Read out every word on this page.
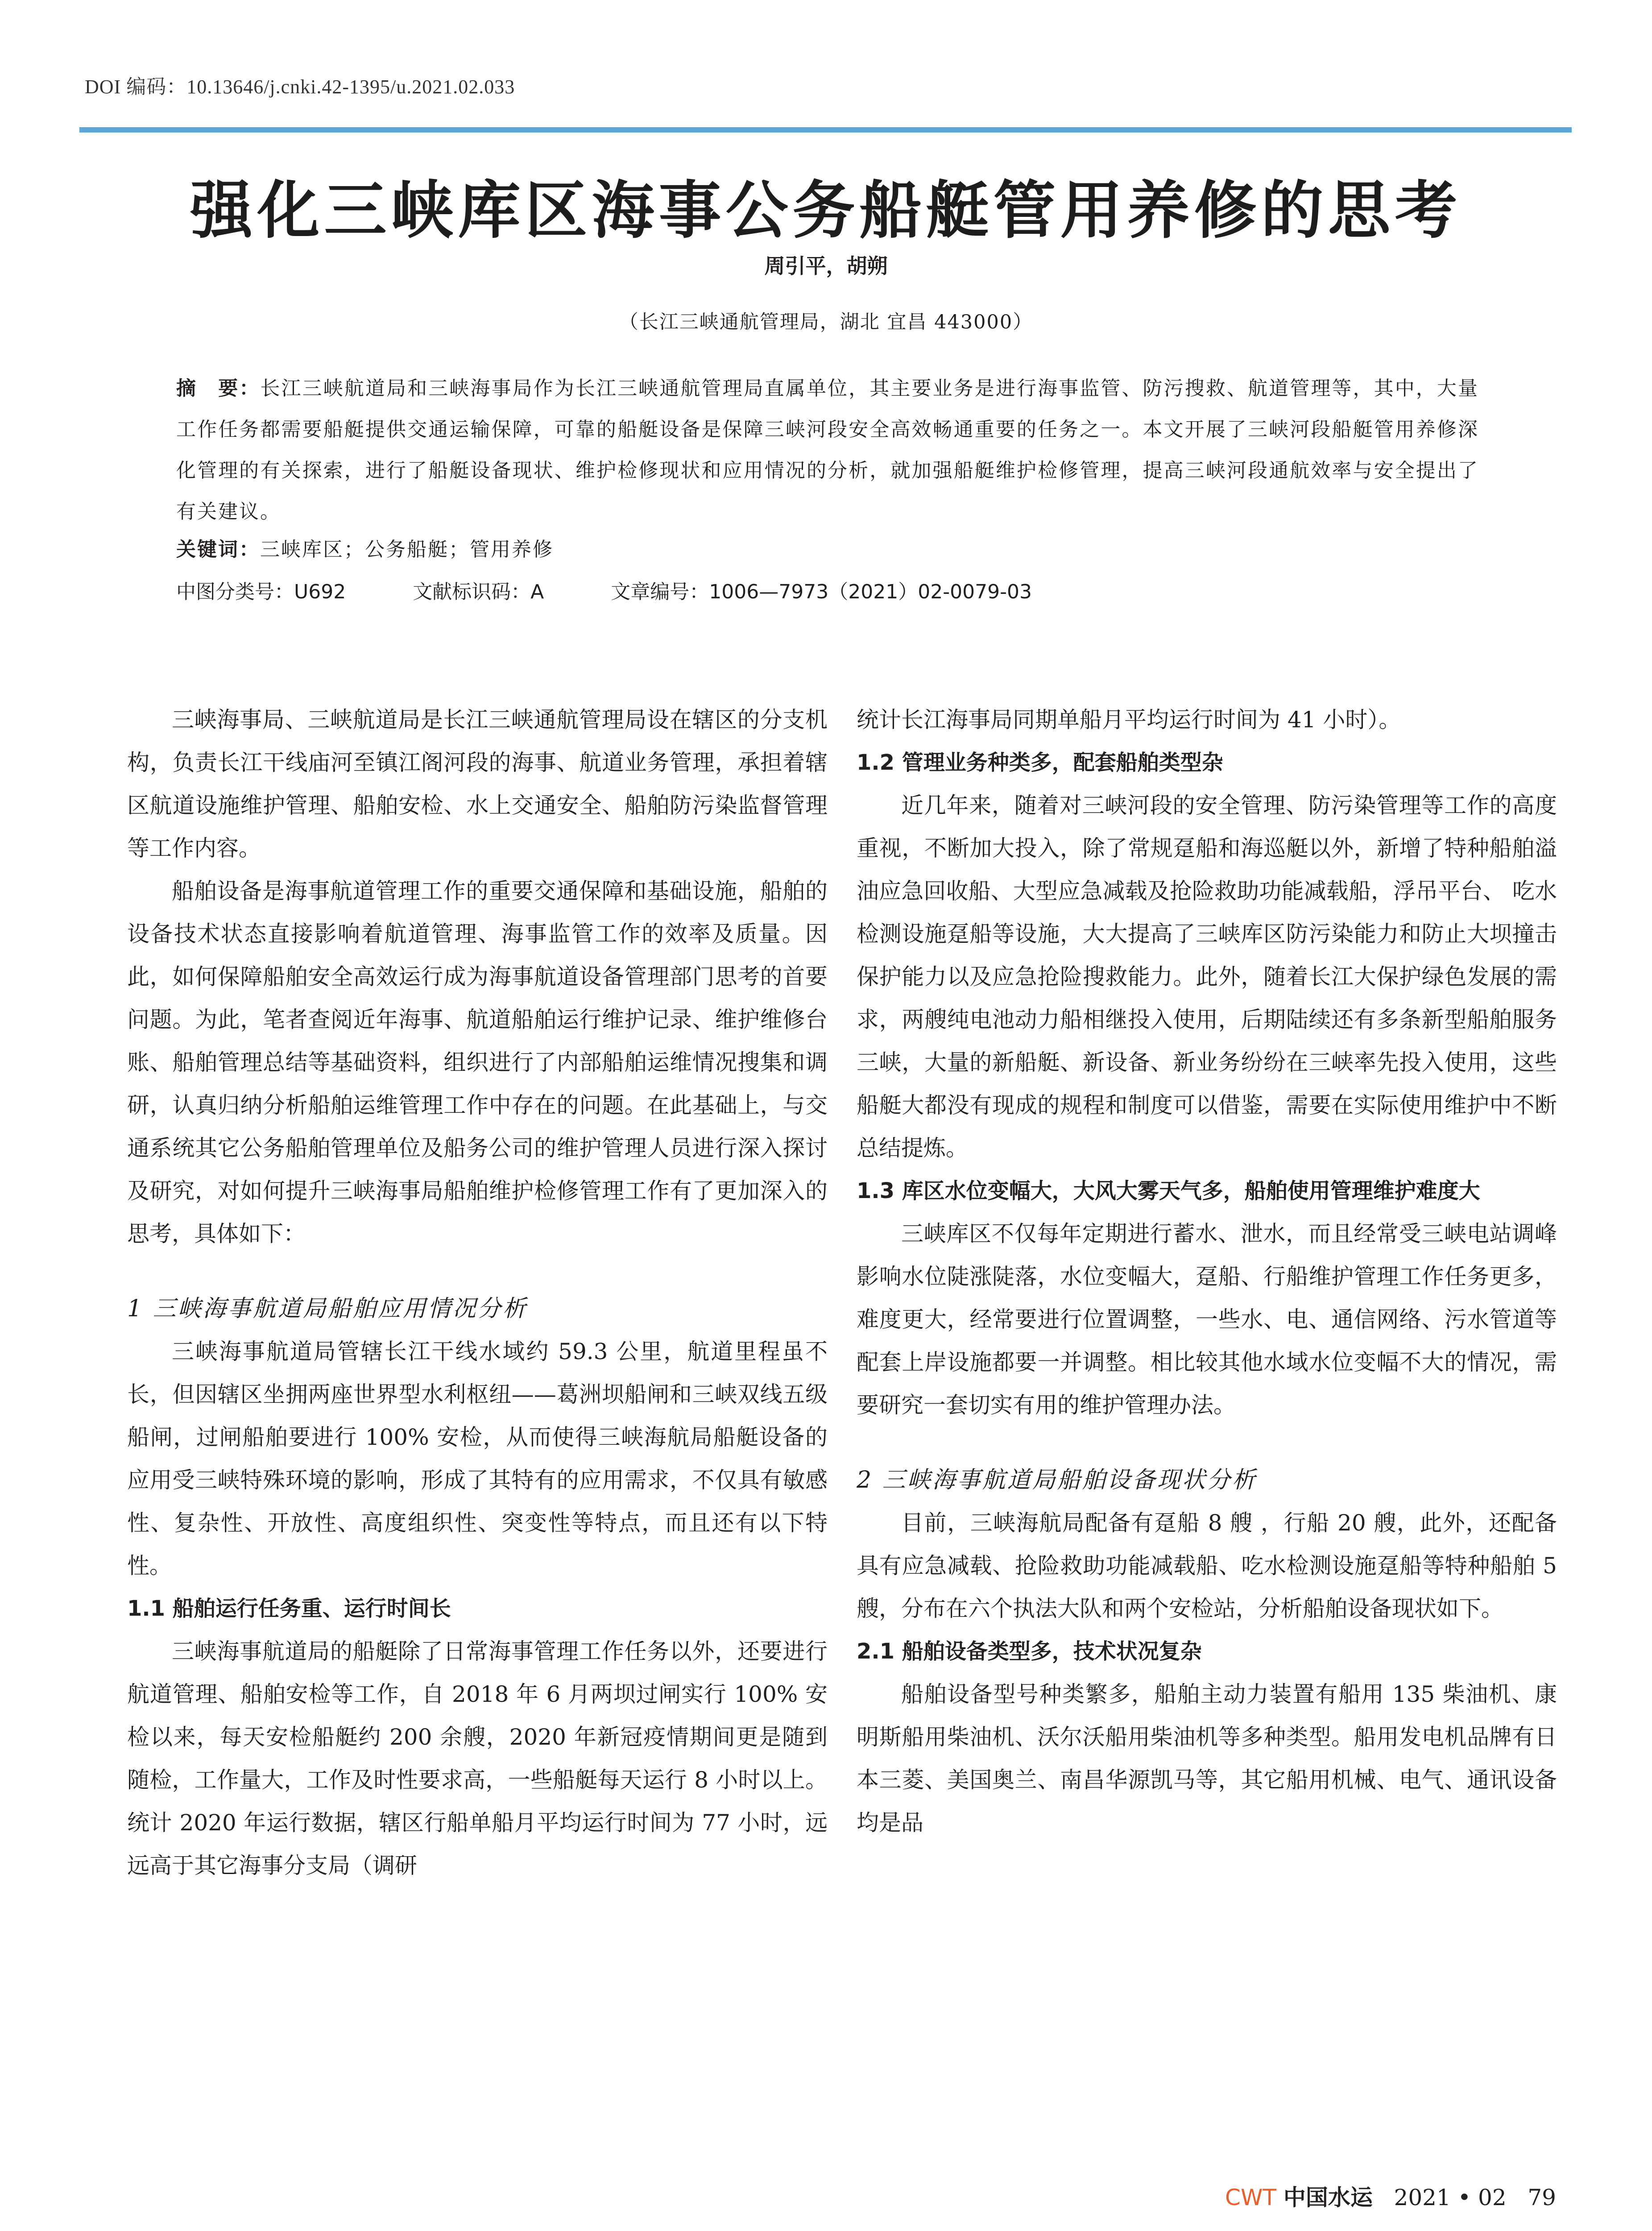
DOI 编码：10.13646/j.cnki.42-1395/u.2021.02.033
强化三峡库区海事公务船艇管用养修的思考
周引平，胡朔
（长江三峡通航管理局，湖北 宜昌 443000）
摘　要：长江三峡航道局和三峡海事局作为长江三峡通航管理局直属单位，其主要业务是进行海事监管、防污搜救、航道管理等，其中，大量工作任务都需要船艇提供交通运输保障，可靠的船艇设备是保障三峡河段安全高效畅通重要的任务之一。本文开展了三峡河段船艇管用养修深化管理的有关探索，进行了船艇设备现状、维护检修现状和应用情况的分析，就加强船艇维护检修管理，提高三峡河段通航效率与安全提出了有关建议。
关键词：三峡库区；公务船艇；管用养修
中图分类号：U692	文献标识码：A	文章编号：1006—7973（2021）02-0079-03

三峡海事局、三峡航道局是长江三峡通航管理局设在辖区的分支机构，负责长江干线庙河至镇江阁河段的海事、航道业务管理，承担着辖区航道设施维护管理、船舶安检、水上交通安全、船舶防污染监督管理等工作内容。

船舶设备是海事航道管理工作的重要交通保障和基础设施，船舶的设备技术状态直接影响着航道管理、海事监管工作的效率及质量。因此，如何保障船舶安全高效运行成为海事航道设备管理部门思考的首要问题。为此，笔者查阅近年海事、航道船舶运行维护记录、维护维修台账、船舶管理总结等基础资料，组织进行了内部船舶运维情况搜集和调研，认真归纳分析船舶运维管理工作中存在的问题。在此基础上，与交通系统其它公务船舶管理单位及船务公司的维护管理人员进行深入探讨及研究，对如何提升三峡海事局船舶维护检修管理工作有了更加深入的思考，具体如下：

1 三峡海事航道局船舶应用情况分析

三峡海事航道局管辖长江干线水域约 59.3 公里，航道里程虽不长，但因辖区坐拥两座世界型水利枢纽——葛洲坝船闸和三峡双线五级船闸，过闸船舶要进行 100% 安检，从而使得三峡海航局船艇设备的应用受三峡特殊环境的影响，形成了其特有的应用需求，不仅具有敏感性、复杂性、开放性、高度组织性、突变性等特点，而且还有以下特性。

1.1 船舶运行任务重、运行时间长

三峡海事航道局的船艇除了日常海事管理工作任务以外，还要进行航道管理、船舶安检等工作，自 2018 年 6 月两坝过闸实行 100% 安检以来，每天安检船艇约 200 余艘，2020 年新冠疫情期间更是随到随检，工作量大，工作及时性要求高，一些船艇每天运行 8 小时以上。统计 2020 年运行数据，辖区行船单船月平均运行时间为 77 小时，远远高于其它海事分支局（调研

统计长江海事局同期单船月平均运行时间为 41 小时）。

1.2 管理业务种类多，配套船舶类型杂

近几年来，随着对三峡河段的安全管理、防污染管理等工作的高度重视，不断加大投入，除了常规趸船和海巡艇以外，新增了特种船舶溢油应急回收船、大型应急减载及抢险救助功能减载船，浮吊平台、 吃水检测设施趸船等设施，大大提高了三峡库区防污染能力和防止大坝撞击保护能力以及应急抢险搜救能力。此外，随着长江大保护绿色发展的需求，两艘纯电池动力船相继投入使用，后期陆续还有多条新型船舶服务三峡，大量的新船艇、新设备、新业务纷纷在三峡率先投入使用，这些船艇大都没有现成的规程和制度可以借鉴，需要在实际使用维护中不断总结提炼。

1.3 库区水位变幅大，大风大雾天气多，船舶使用管理维护难度大

三峡库区不仅每年定期进行蓄水、泄水，而且经常受三峡电站调峰影响水位陡涨陡落，水位变幅大，趸船、行船维护管理工作任务更多，难度更大，经常要进行位置调整，一些水、电、通信网络、污水管道等配套上岸设施都要一并调整。相比较其他水域水位变幅不大的情况，需要研究一套切实有用的维护管理办法。

2 三峡海事航道局船舶设备现状分析

目前，三峡海航局配备有趸船 8 艘 ，行船 20 艘，此外，还配备具有应急减载、抢险救助功能减载船、吃水检测设施趸船等特种船舶 5 艘，分布在六个执法大队和两个安检站，分析船舶设备现状如下。

2.1 船舶设备类型多，技术状况复杂

船舶设备型号种类繁多，船舶主动力装置有船用 135 柴油机、康明斯船用柴油机、沃尔沃船用柴油机等多种类型。船用发电机品牌有日本三菱、美国奥兰、南昌华源凯马等，其它船用机械、电气、通讯设备均是品

CWT 中国水运 2021 • 02 79
